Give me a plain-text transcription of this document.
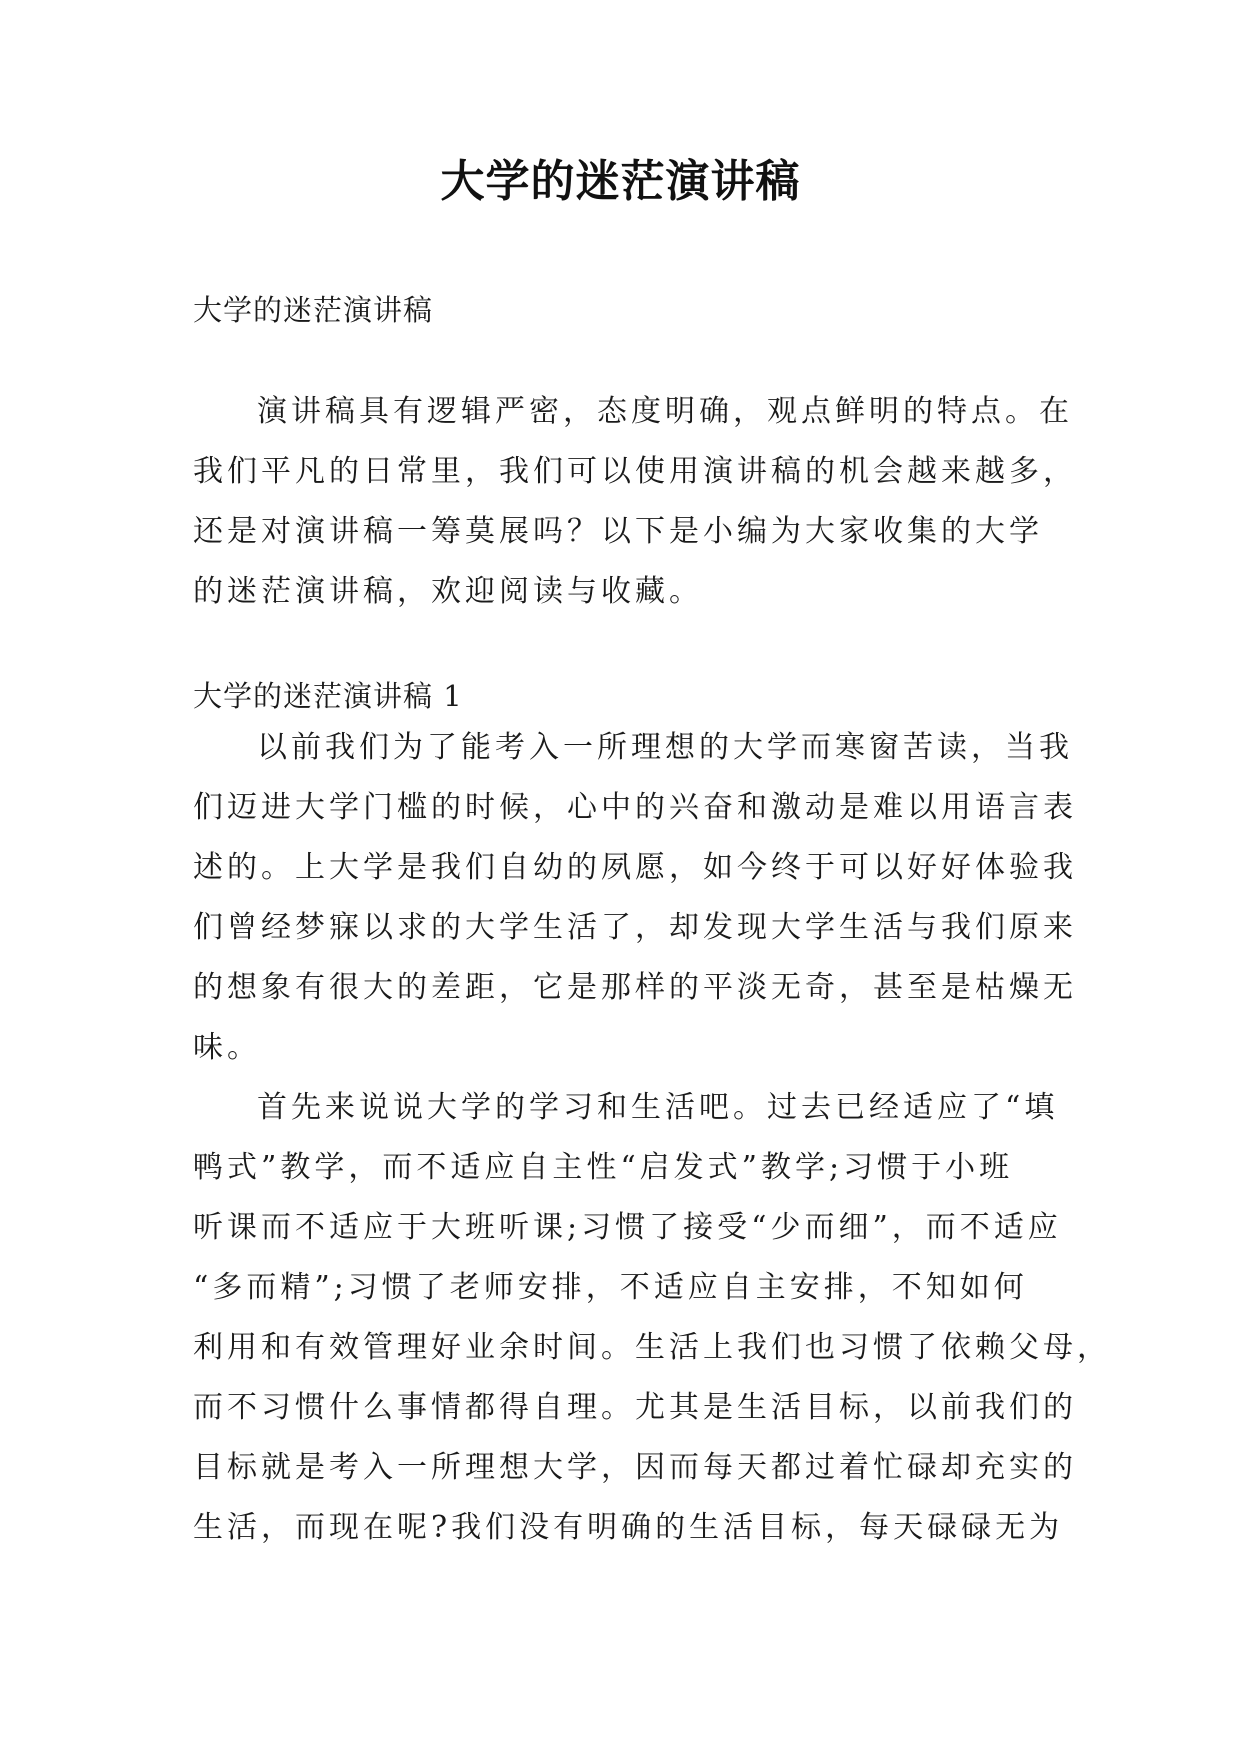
大学的迷茫演讲稿
大学的迷茫演讲稿
演讲稿具有逻辑严密，态度明确，观点鲜明的特点。在
我们平凡的日常里，我们可以使用演讲稿的机会越来越多，
还是对演讲稿一筹莫展吗？以下是小编为大家收集的大学
的迷茫演讲稿，欢迎阅读与收藏。
大学的迷茫演讲稿 1
以前我们为了能考入一所理想的大学而寒窗苦读，当我
们迈进大学门槛的时候，心中的兴奋和激动是难以用语言表
述的。上大学是我们自幼的夙愿，如今终于可以好好体验我
们曾经梦寐以求的大学生活了，却发现大学生活与我们原来
的想象有很大的差距，它是那样的平淡无奇，甚至是枯燥无
味。
首先来说说大学的学习和生活吧。过去已经适应了“填
鸭式”教学，而不适应自主性“启发式”教学;习惯于小班
听课而不适应于大班听课;习惯了接受“少而细”，而不适应
“多而精”;习惯了老师安排，不适应自主安排，不知如何
利用和有效管理好业余时间。生活上我们也习惯了依赖父母，
而不习惯什么事情都得自理。尤其是生活目标，以前我们的
目标就是考入一所理想大学，因而每天都过着忙碌却充实的
生活，而现在呢?我们没有明确的生活目标，每天碌碌无为
